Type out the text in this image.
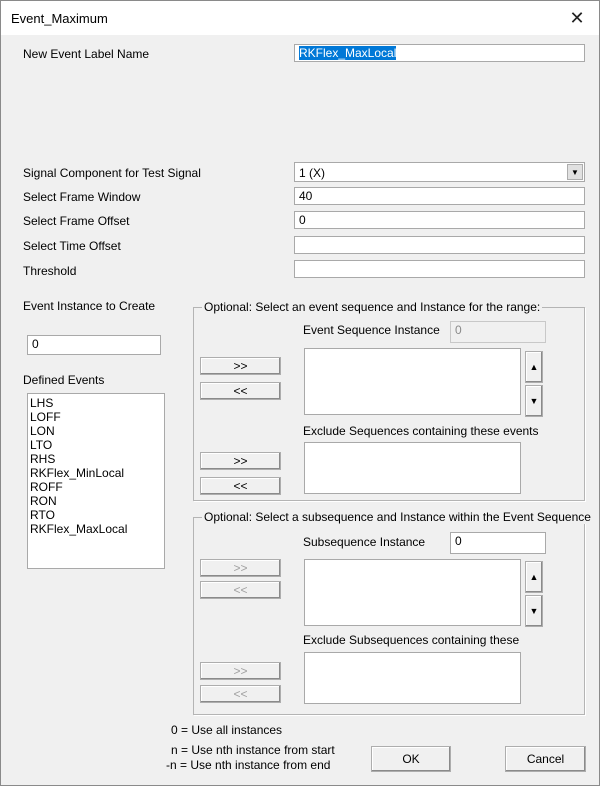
Event_Maximum	✕
New Event Label Name	RKFlex_MaxLocal
Signal Component for Test Signal	1 (X)	▼
Select Frame Window	40
Select Frame Offset	0
Select Time Offset
Threshold
Event Instance to Create
0
Defined Events
LHS
LOFF
LON
LTO
RHS
RKFlex_MinLocal
ROFF
RON
RTO
RKFlex_MaxLocal
Optional: Select an event sequence and Instance for the range:
Event Sequence Instance	0
>>
<<
▲
▼
Exclude Sequences containing these events
>>
<<
Optional: Select a subsequence and Instance within the Event Sequence
Subsequence Instance	0
>>
<<
▲
▼
Exclude Subsequences containing these
>>
<<
0 = Use all instances
n = Use nth instance from start
-n = Use nth instance from end	OK	Cancel
